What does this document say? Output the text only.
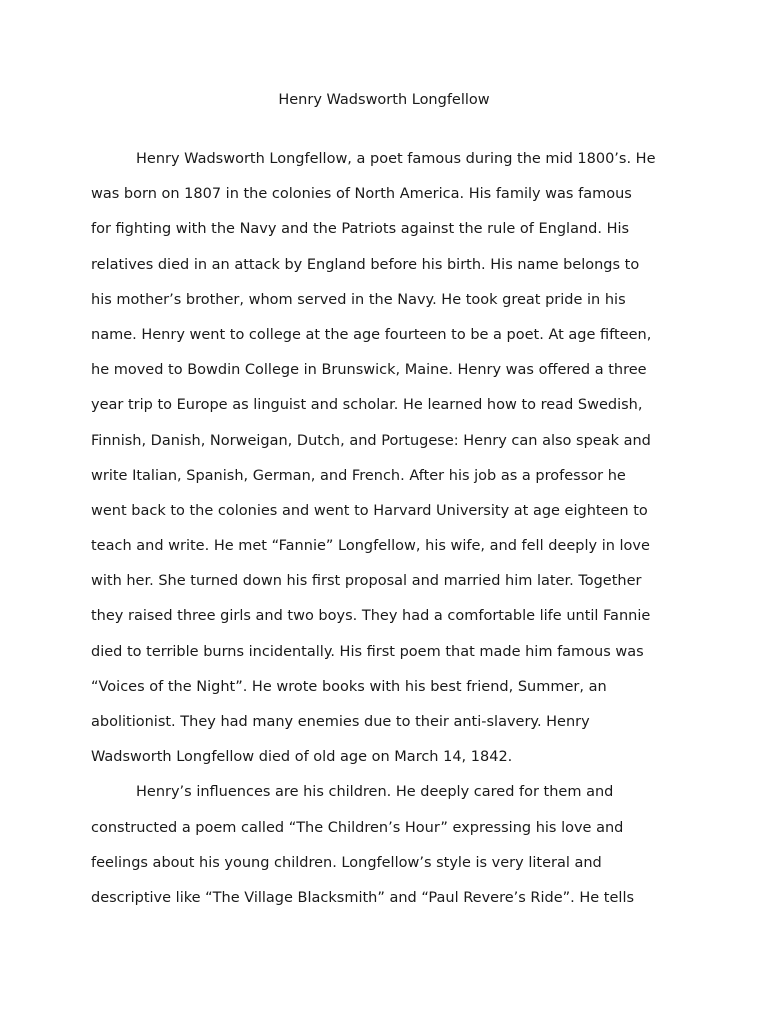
Henry Wadsworth Longfellow
Henry Wadsworth Longfellow, a poet famous during the mid 1800’s. He
was born on 1807 in the colonies of North America. His family was famous
for fighting with the Navy and the Patriots against the rule of England. His
relatives died in an attack by England before his birth. His name belongs to
his mother’s brother, whom served in the Navy. He took great pride in his
name. Henry went to college at the age fourteen to be a poet. At age fifteen,
he moved to Bowdin College in Brunswick, Maine. Henry was offered a three
year trip to Europe as linguist and scholar. He learned how to read Swedish,
Finnish, Danish, Norweigan, Dutch, and Portugese: Henry can also speak and
write Italian, Spanish, German, and French. After his job as a professor he
went back to the colonies and went to Harvard University at age eighteen to
teach and write. He met “Fannie” Longfellow, his wife, and fell deeply in love
with her. She turned down his first proposal and married him later. Together
they raised three girls and two boys. They had a comfortable life until Fannie
died to terrible burns incidentally. His first poem that made him famous was
“Voices of the Night”. He wrote books with his best friend, Summer, an
abolitionist. They had many enemies due to their anti-slavery. Henry
Wadsworth Longfellow died of old age on March 14, 1842.
Henry’s influences are his children. He deeply cared for them and
constructed a poem called “The Children’s Hour” expressing his love and
feelings about his young children. Longfellow’s style is very literal and
descriptive like “The Village Blacksmith” and “Paul Revere’s Ride”. He tells
